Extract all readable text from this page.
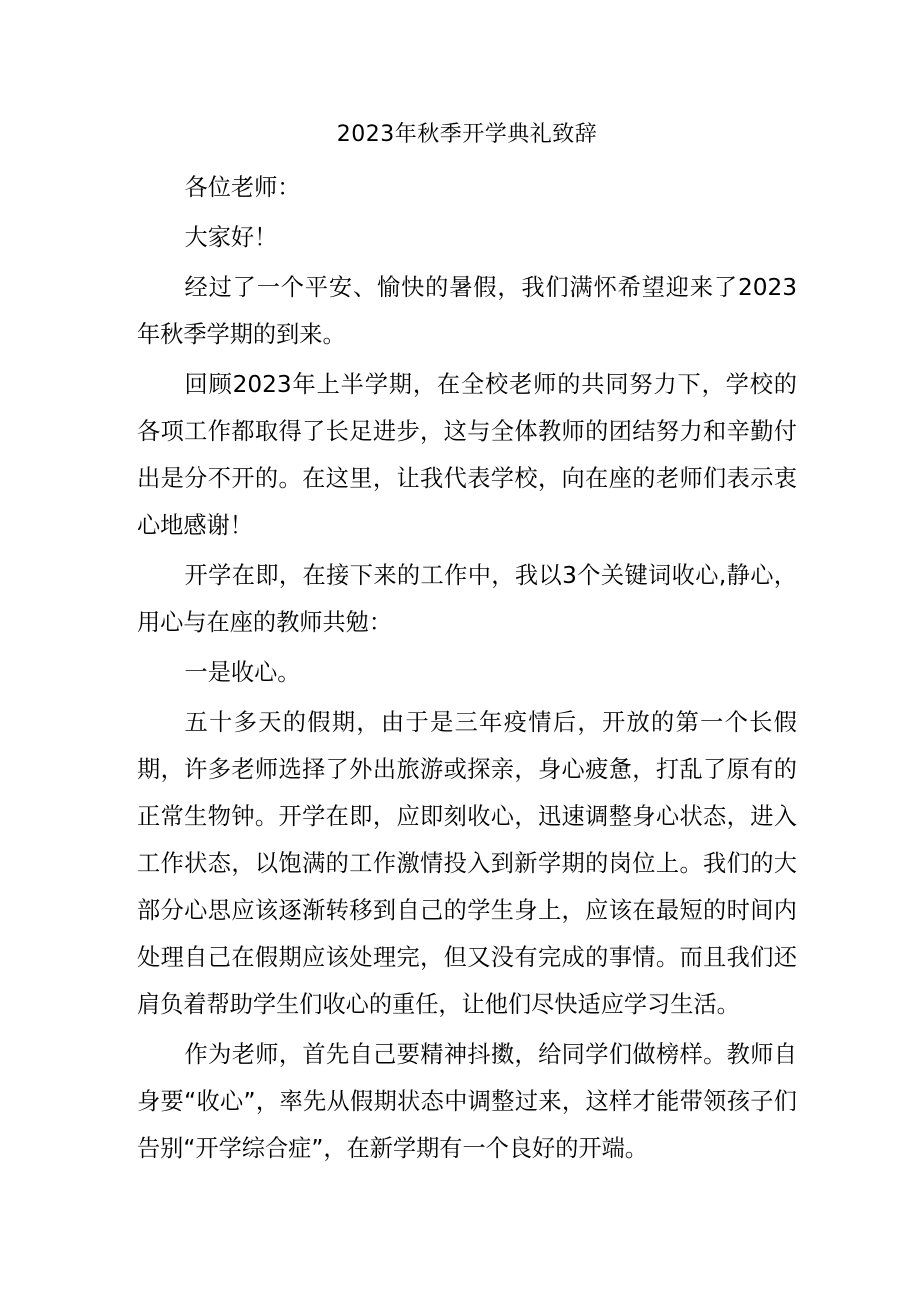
2023年秋季开学典礼致辞

各位老师：

大家好！

经过了一个平安、愉快的暑假，我们满怀希望迎来了2023年秋季学期的到来。

回顾2023年上半学期，在全校老师的共同努力下，学校的各项工作都取得了长足进步，这与全体教师的团结努力和辛勤付出是分不开的。在这里，让我代表学校，向在座的老师们表示衷心地感谢！

开学在即，在接下来的工作中，我以3个关键词收心,静心，用心与在座的教师共勉：

一是收心。

五十多天的假期，由于是三年疫情后，开放的第一个长假期，许多老师选择了外出旅游或探亲，身心疲惫，打乱了原有的正常生物钟。开学在即，应即刻收心，迅速调整身心状态，进入工作状态，以饱满的工作激情投入到新学期的岗位上。我们的大部分心思应该逐渐转移到自己的学生身上，应该在最短的时间内处理自己在假期应该处理完，但又没有完成的事情。而且我们还肩负着帮助学生们收心的重任，让他们尽快适应学习生活。

作为老师，首先自己要精神抖擞，给同学们做榜样。教师自身要“收心”，率先从假期状态中调整过来，这样才能带领孩子们告别“开学综合症”，在新学期有一个良好的开端。
